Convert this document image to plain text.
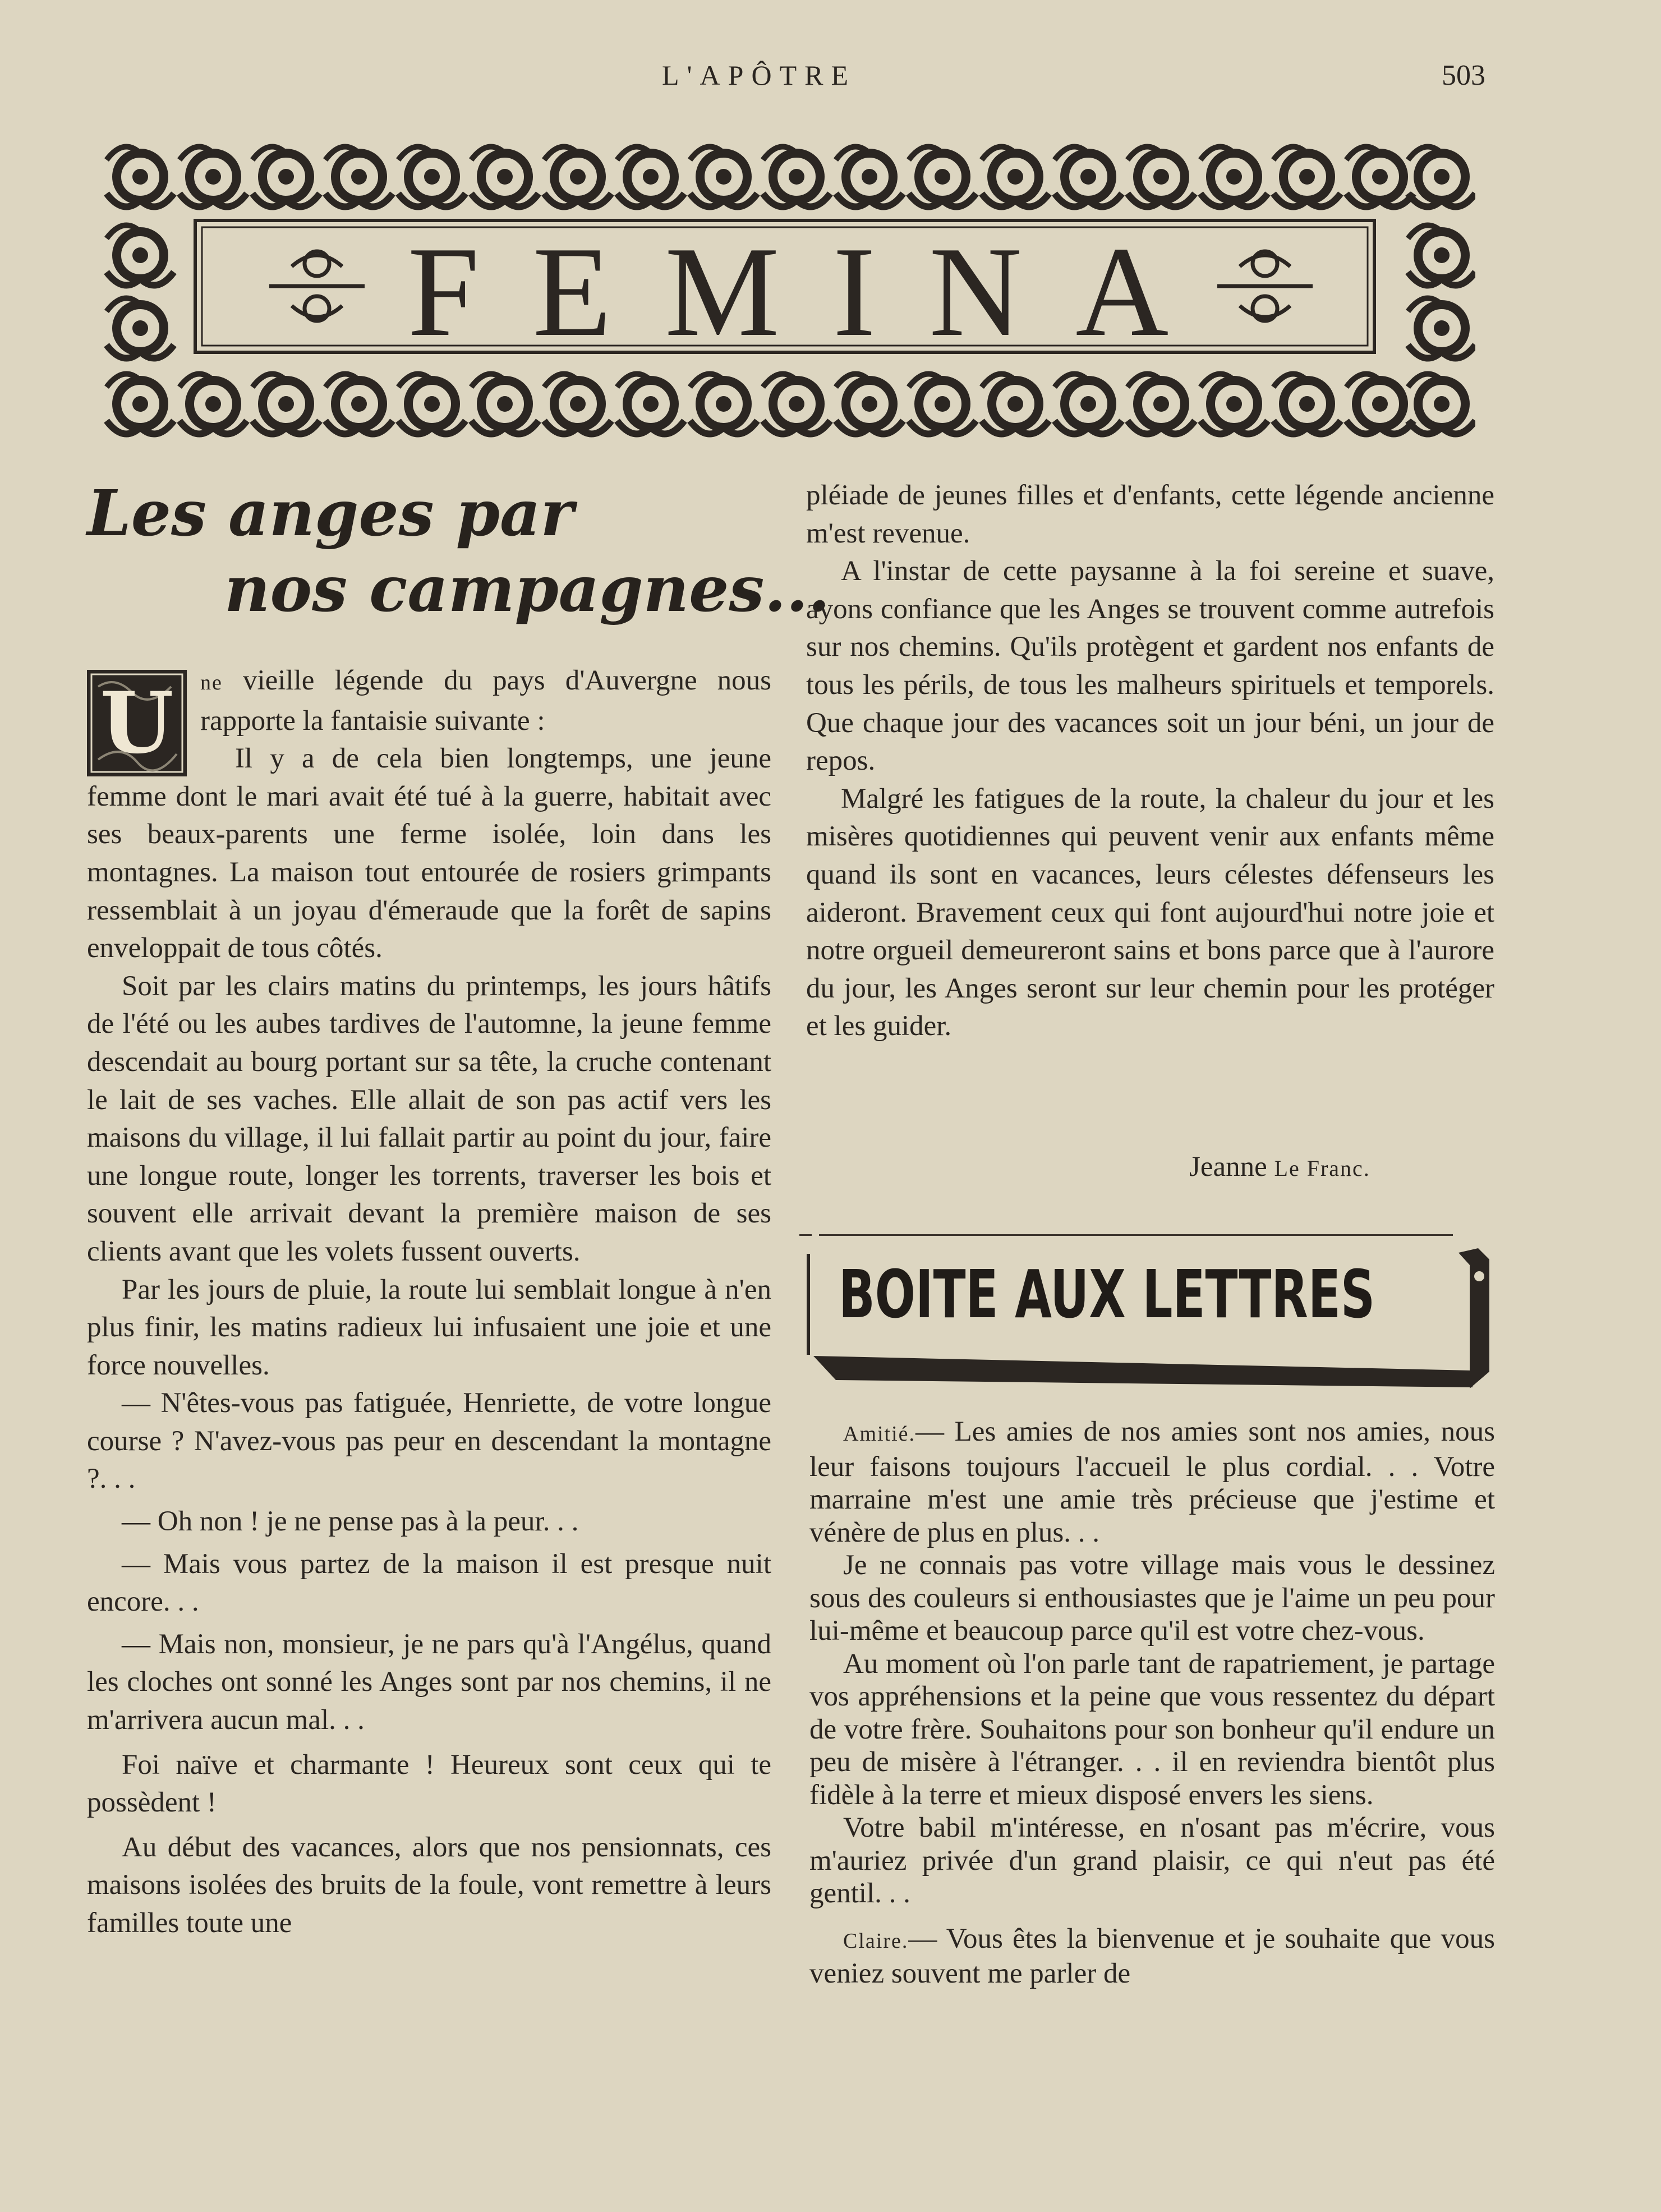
L'APÔTRE	503
FEMINA
Les anges par
nos campagnes...
U	ne vieille légende du pays d'Auvergne nous rapporte la fantaisie suivante :

Il y a de cela bien longtemps, une jeune femme dont le mari avait été tué à la guerre, habitait avec ses beaux-parents une ferme isolée, loin dans les montagnes. La maison tout entourée de rosiers grimpants ressemblait à un joyau d'émeraude que la forêt de sapins enveloppait de tous côtés.

Soit par les clairs matins du printemps, les jours hâtifs de l'été ou les aubes tardives de l'automne, la jeune femme descendait au bourg portant sur sa tête, la cruche contenant le lait de ses vaches. Elle allait de son pas actif vers les maisons du village, il lui fallait partir au point du jour, faire une longue route, longer les torrents, traverser les bois et souvent elle arrivait devant la première maison de ses clients avant que les volets fussent ouverts.

Par les jours de pluie, la route lui semblait longue à n'en plus finir, les matins radieux lui infusaient une joie et une force nouvelles.

— N'êtes-vous pas fatiguée, Henriette, de votre longue course ? N'avez-vous pas peur en descendant la montagne ?. . .

— Oh non ! je ne pense pas à la peur. . .

— Mais vous partez de la maison il est presque nuit encore. . .

— Mais non, monsieur, je ne pars qu'à l'Angélus, quand les cloches ont sonné les Anges sont par nos chemins, il ne m'arrivera aucun mal. . .

Foi naïve et charmante ! Heureux sont ceux qui te possèdent !

Au début des vacances, alors que nos pensionnats, ces maisons isolées des bruits de la foule, vont remettre à leurs familles toute une

pléiade de jeunes filles et d'enfants, cette légende ancienne m'est revenue.

A l'instar de cette paysanne à la foi sereine et suave, ayons confiance que les Anges se trouvent comme autrefois sur nos chemins. Qu'ils protègent et gardent nos enfants de tous les périls, de tous les malheurs spirituels et temporels. Que chaque jour des vacances soit un jour béni, un jour de repos.

Malgré les fatigues de la route, la chaleur du jour et les misères quotidiennes qui peuvent venir aux enfants même quand ils sont en vacances, leurs célestes défenseurs les aideront. Bravement ceux qui font aujourd'hui notre joie et notre orgueil demeureront sains et bons parce que à l'aurore du jour, les Anges seront sur leur chemin pour les protéger et les guider.

Jeanne Le Franc.
BOITE AUX LETTRES

Amitié.— Les amies de nos amies sont nos amies, nous leur faisons toujours l'accueil le plus cordial. . . Votre marraine m'est une amie très précieuse que j'estime et vénère de plus en plus. . .

Je ne connais pas votre village mais vous le dessinez sous des couleurs si enthousiastes que je l'aime un peu pour lui-même et beaucoup parce qu'il est votre chez-vous.

Au moment où l'on parle tant de rapatriement, je partage vos appréhensions et la peine que vous ressentez du départ de votre frère. Souhaitons pour son bonheur qu'il endure un peu de misère à l'étranger. . . il en reviendra bientôt plus fidèle à la terre et mieux disposé envers les siens.

Votre babil m'intéresse, en n'osant pas m'écrire, vous m'auriez privée d'un grand plaisir, ce qui n'eut pas été gentil. . .

Claire.— Vous êtes la bienvenue et je souhaite que vous veniez souvent me parler de
